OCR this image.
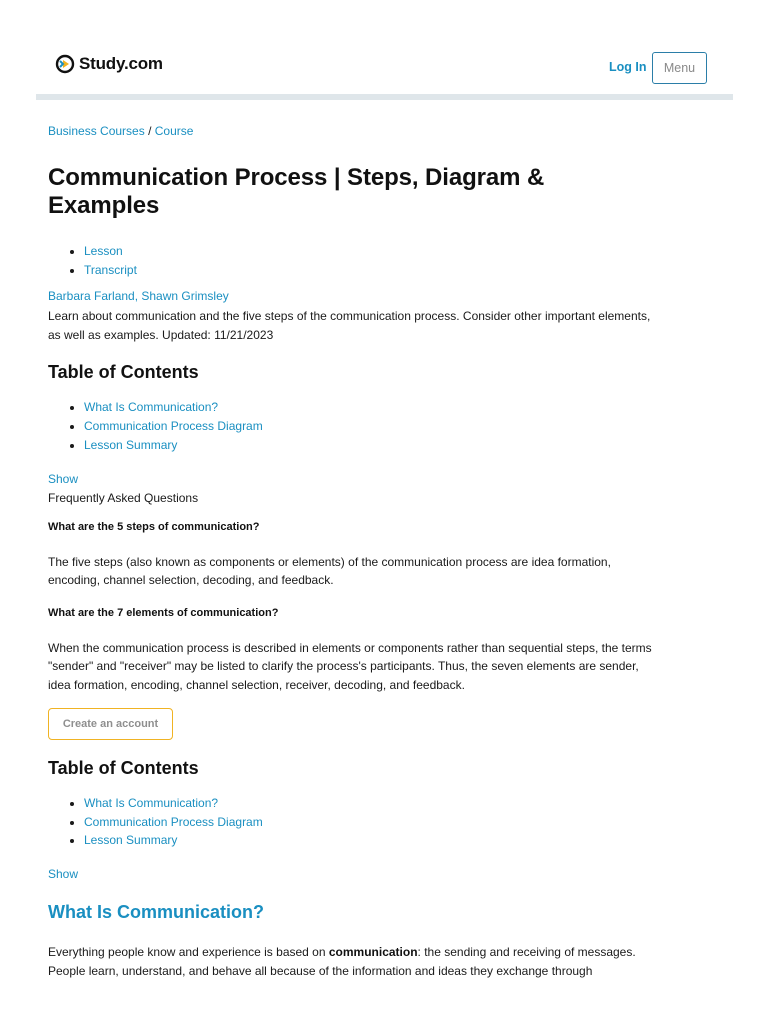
Study.com	Log In	Menu
Business Courses / Course
Communication Process | Steps, Diagram & Examples
Lesson
Transcript
Barbara Farland, Shawn Grimsley

Learn about communication and the five steps of the communication process. Consider other important elements, as well as examples. Updated: 11/21/2023

Table of Contents
What Is Communication?
Communication Process Diagram
Lesson Summary
Show
Frequently Asked Questions
What are the 5 steps of communication?

The five steps (also known as components or elements) of the communication process are idea formation, encoding, channel selection, decoding, and feedback.

What are the 7 elements of communication?

When the communication process is described in elements or components rather than sequential steps, the terms "sender" and "receiver" may be listed to clarify the process's participants. Thus, the seven elements are sender, idea formation, encoding, channel selection, receiver, decoding, and feedback.

Create an account
Table of Contents
What Is Communication?
Communication Process Diagram
Lesson Summary
Show
What Is Communication?

Everything people know and experience is based on communication: the sending and receiving of messages. People learn, understand, and behave all because of the information and ideas they exchange through
